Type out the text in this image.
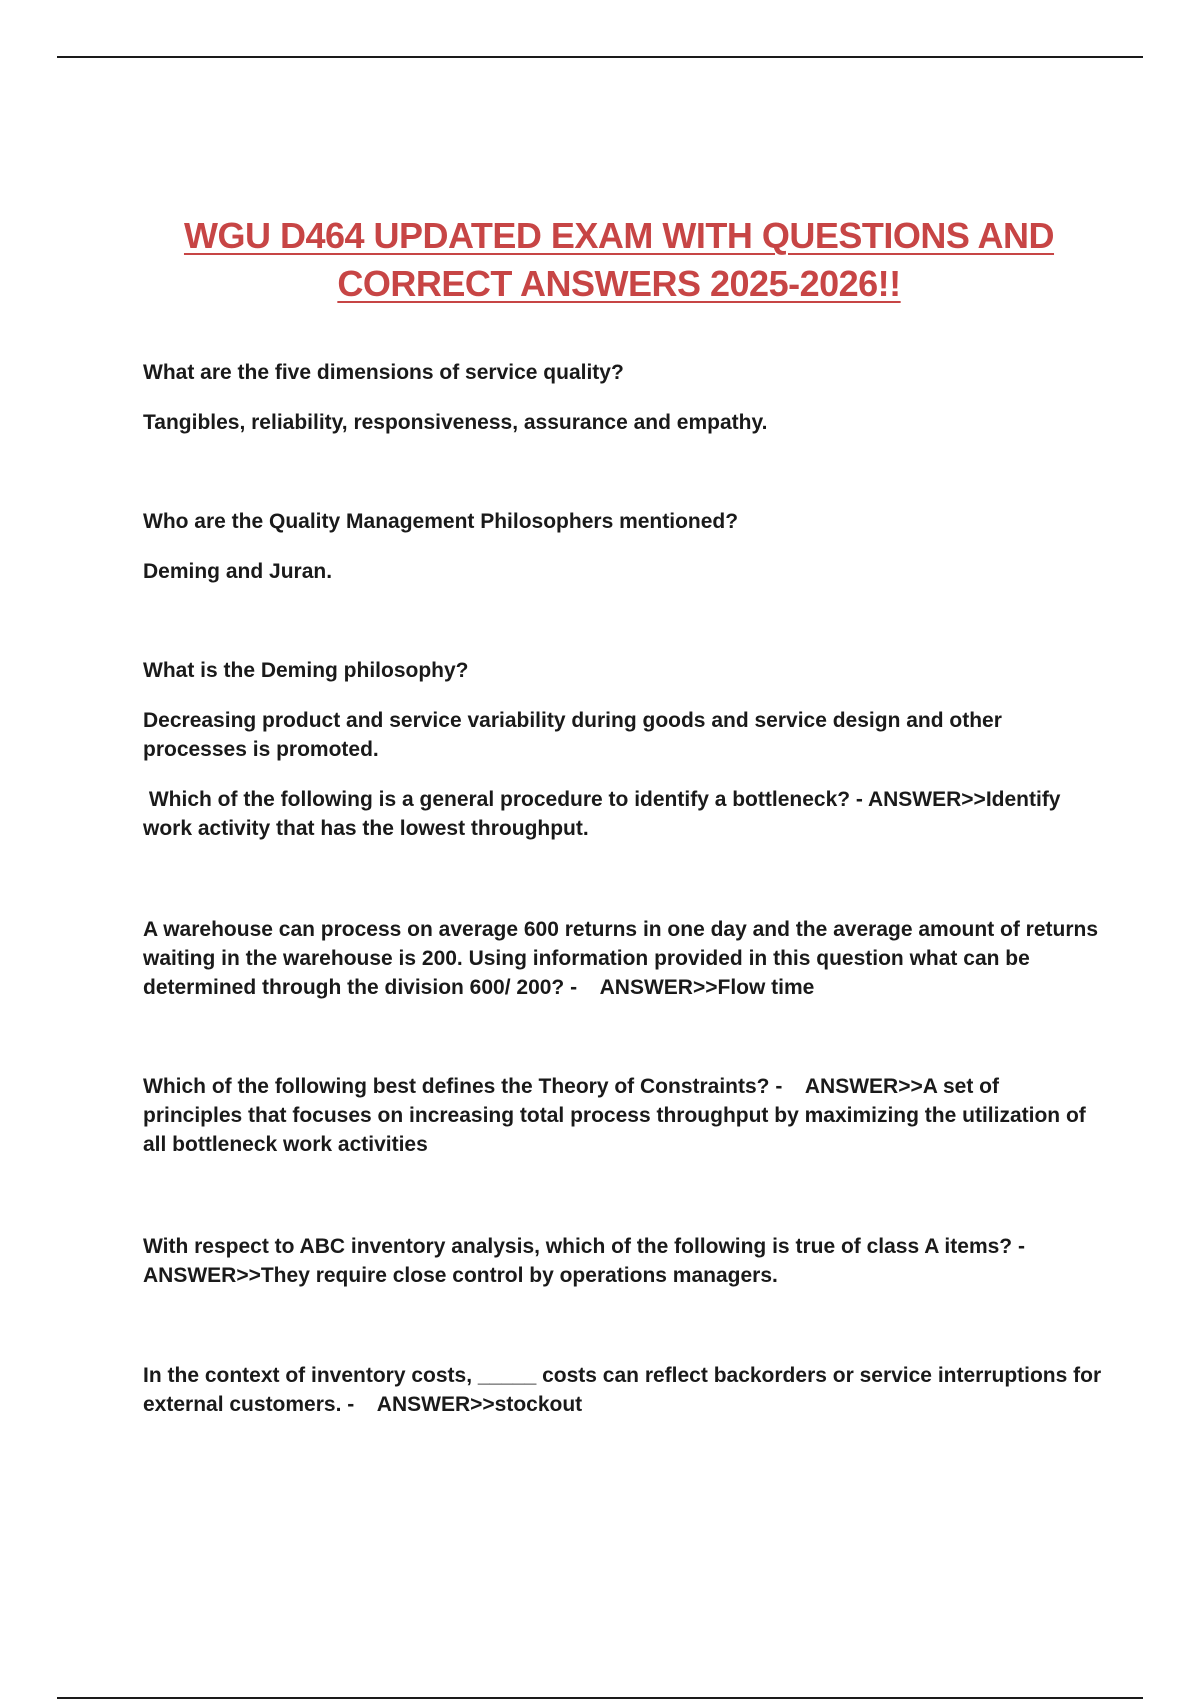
WGU D464 UPDATED EXAM WITH QUESTIONS AND
CORRECT ANSWERS 2025-2026!!

What are the five dimensions of service quality?

Tangibles, reliability, responsiveness, assurance and empathy.

Who are the Quality Management Philosophers mentioned?

Deming and Juran.

What is the Deming philosophy?

Decreasing product and service variability during goods and service design and other processes is promoted.

Which of the following is a general procedure to identify a bottleneck? - ANSWER>>Identify work activity that has the lowest throughput.

A warehouse can process on average 600 returns in one day and the average amount of returns waiting in the warehouse is 200. Using information provided in this question what can be determined through the division 600/ 200? -    ANSWER>>Flow time

Which of the following best defines the Theory of Constraints? -    ANSWER>>A set of principles that focuses on increasing total process throughput by maximizing the utilization of all bottleneck work activities

With respect to ABC inventory analysis, which of the following is true of class A items? - ANSWER>>They require close control by operations managers.

In the context of inventory costs, _____ costs can reflect backorders or service interruptions for external customers. -    ANSWER>>stockout
